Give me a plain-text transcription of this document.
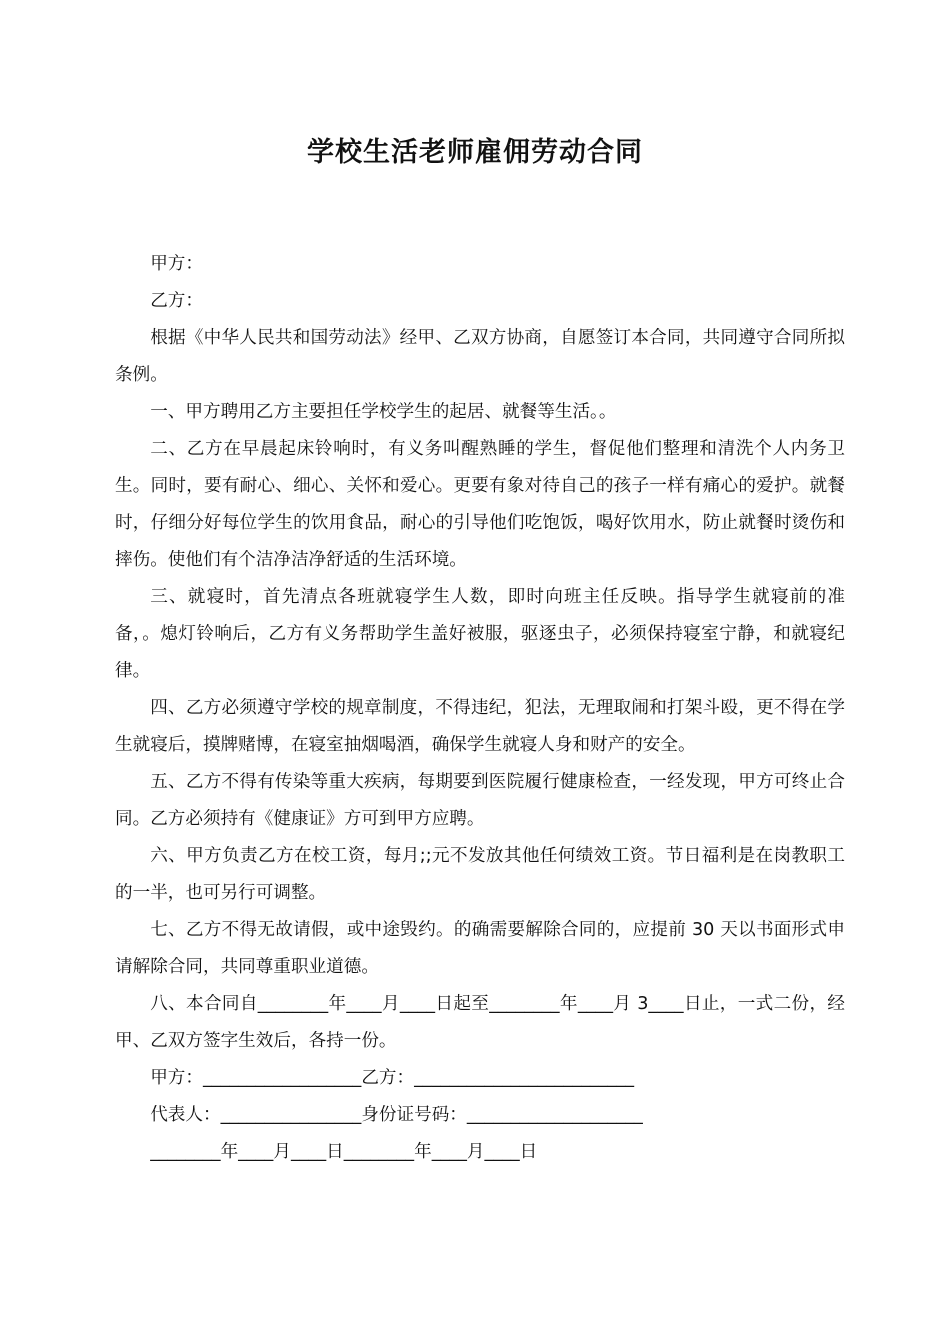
学校生活老师雇佣劳动合同

甲方：

乙方：

根据《中华人民共和国劳动法》经甲、乙双方协商，自愿签订本合同，共同遵守合同所拟条例。

一、甲方聘用乙方主要担任学校学生的起居、就餐等生活。。

二、乙方在早晨起床铃响时，有义务叫醒熟睡的学生，督促他们整理和清洗个人内务卫生。同时，要有耐心、细心、关怀和爱心。更要有象对待自己的孩子一样有痛心的爱护。就餐时，仔细分好每位学生的饮用食品，耐心的引导他们吃饱饭，喝好饮用水，防止就餐时烫伤和摔伤。使他们有个洁净洁净舒适的生活环境。

三、就寝时，首先清点各班就寝学生人数，即时向班主任反映。指导学生就寝前的准备，。熄灯铃响后，乙方有义务帮助学生盖好被服，驱逐虫子，必须保持寝室宁静，和就寝纪律。

四、乙方必须遵守学校的规章制度，不得违纪，犯法，无理取闹和打架斗殴，更不得在学生就寝后，摸牌赌博，在寝室抽烟喝酒，确保学生就寝人身和财产的安全。

五、乙方不得有传染等重大疾病，每期要到医院履行健康检查，一经发现，甲方可终止合同。乙方必须持有《健康证》方可到甲方应聘。

六、甲方负责乙方在校工资，每月;;元不发放其他任何绩效工资。节日福利是在岗教职工的一半，也可另行可调整。

七、乙方不得无故请假，或中途毁约。的确需要解除合同的，应提前 30 天以书面形式申请解除合同，共同尊重职业道德。

八、本合同自________年____月____日起至________年____月 3____日止，一式二份，经甲、乙双方签字生效后，各持一份。

甲方：__________________乙方：_________________________
代表人：________________身份证号码：____________________
________年____月____日________年____月____日
